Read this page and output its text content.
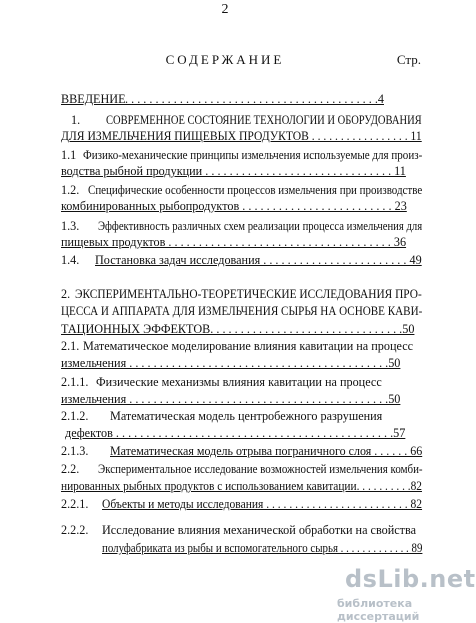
2
СОДЕРЖАНИЕ	Стр.
ВВЕДЕНИЕ . . . . . . . . . . . . . . . . . . . . . . . . . . . . . . . . . . . . . . . . . .4
1. СОВРЕМЕННОЕ СОСТОЯНИЕ ТЕХНОЛОГИИ И ОБОРУДОВАНИЯ
ДЛЯ ИЗМЕЛЬЧЕНИЯ ПИЩЕВЫХ ПРОДУКТОВ . . . . . . . . . . . . . . . . . 11
1.1 Физико-механические принципы измельчения используемые для произ-
водства рыбной продукции . . . . . . . . . . . . . . . . . . . . . . . . . . . . . . . 11
1.2. Специфические особенности процессов измельчения при производстве
комбинированных рыбопродуктов . . . . . . . . . . . . . . . . . . . . . . . . . 23
1.3. Эффективность различных схем реализации процесса измельчения для
пищевых продуктов . . . . . . . . . . . . . . . . . . . . . . . . . . . . . . . . . . . . . 36
1.4. Постановка задач исследования . . . . . . . . . . . . . . . . . . . . . . . . 49
2. ЭКСПЕРИМЕНТАЛЬНО-ТЕОРЕТИЧЕСКИЕ ИССЛЕДОВАНИЯ ПРО-
ЦЕССА И АППАРАТА ДЛЯ ИЗМЕЛЬЧЕНИЯ СЫРЬЯ НА ОСНОВЕ КАВИ-
ТАЦИОННЫХ ЭФФЕКТОВ. . . . . . . . . . . . . . . . . . . . . . . . . . . . . . . .50
2.1. Математическое моделирование влияния кавитации на процесс
измельчения . . . . . . . . . . . . . . . . . . . . . . . . . . . . . . . . . . . . . . . . . . .50
2.1.1. Физические механизмы влияния кавитации на процесс
измельчения . . . . . . . . . . . . . . . . . . . . . . . . . . . . . . . . . . . . . . . . . . .50
2.1.2. Математическая модель центробежного разрушения
дефектов . . . . . . . . . . . . . . . . . . . . . . . . . . . . . . . . . . . . . . . . . . . . . .57
2.1.3. Математическая модель отрыва пограничного слоя . . . . . . 66
2.2. Экспериментальное исследование возможностей измельчения комби-
нированных рыбных продуктов с использованием кавитации. . . . . . . . . .82
2.2.1. Объекты и методы исследования . . . . . . . . . . . . . . . . . . . . . . . . . 82
2.2.2. Исследование влияния механической обработки на свойства
полуфабриката из рыбы и вспомогательного сырья . . . . . . . . . . . . . 89
dsLib.net
библиотека диссертаций
